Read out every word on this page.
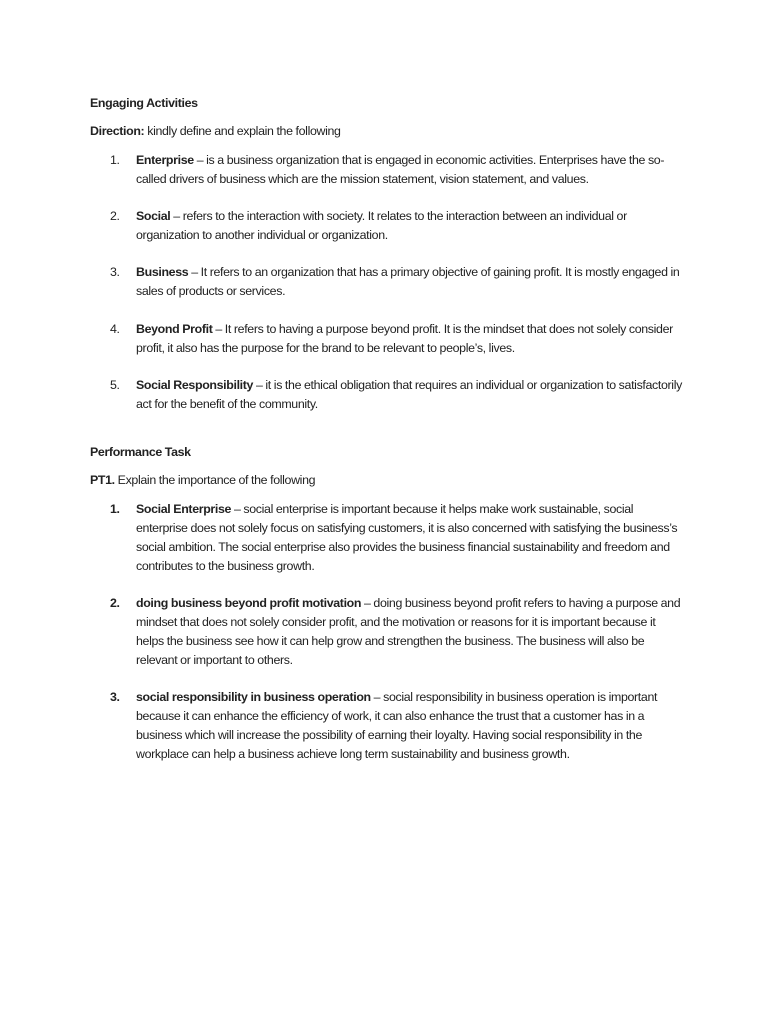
Engaging Activities

Direction: kindly define and explain the following

1. Enterprise – is a business organization that is engaged in economic activities. Enterprises have the so-called drivers of business which are the mission statement, vision statement, and values.
2. Social – refers to the interaction with society. It relates to the interaction between an individual or organization to another individual or organization.
3. Business – It refers to an organization that has a primary objective of gaining profit. It is mostly engaged in sales of products or services.
4. Beyond Profit – It refers to having a purpose beyond profit. It is the mindset that does not solely consider profit, it also has the purpose for the brand to be relevant to people’s, lives.
5. Social Responsibility – it is the ethical obligation that requires an individual or organization to satisfactorily act for the benefit of the community.

Performance Task

PT1. Explain the importance of the following

1. Social Enterprise – social enterprise is important because it helps make work sustainable, social enterprise does not solely focus on satisfying customers, it is also concerned with satisfying the business’s social ambition. The social enterprise also provides the business financial sustainability and freedom and contributes to the business growth.
2. doing business beyond profit motivation – doing business beyond profit refers to having a purpose and mindset that does not solely consider profit, and the motivation or reasons for it is important because it helps the business see how it can help grow and strengthen the business. The business will also be relevant or important to others.
3. social responsibility in business operation – social responsibility in business operation is important because it can enhance the efficiency of work, it can also enhance the trust that a customer has in a business which will increase the possibility of earning their loyalty. Having social responsibility in the workplace can help a business achieve long term sustainability and business growth.
